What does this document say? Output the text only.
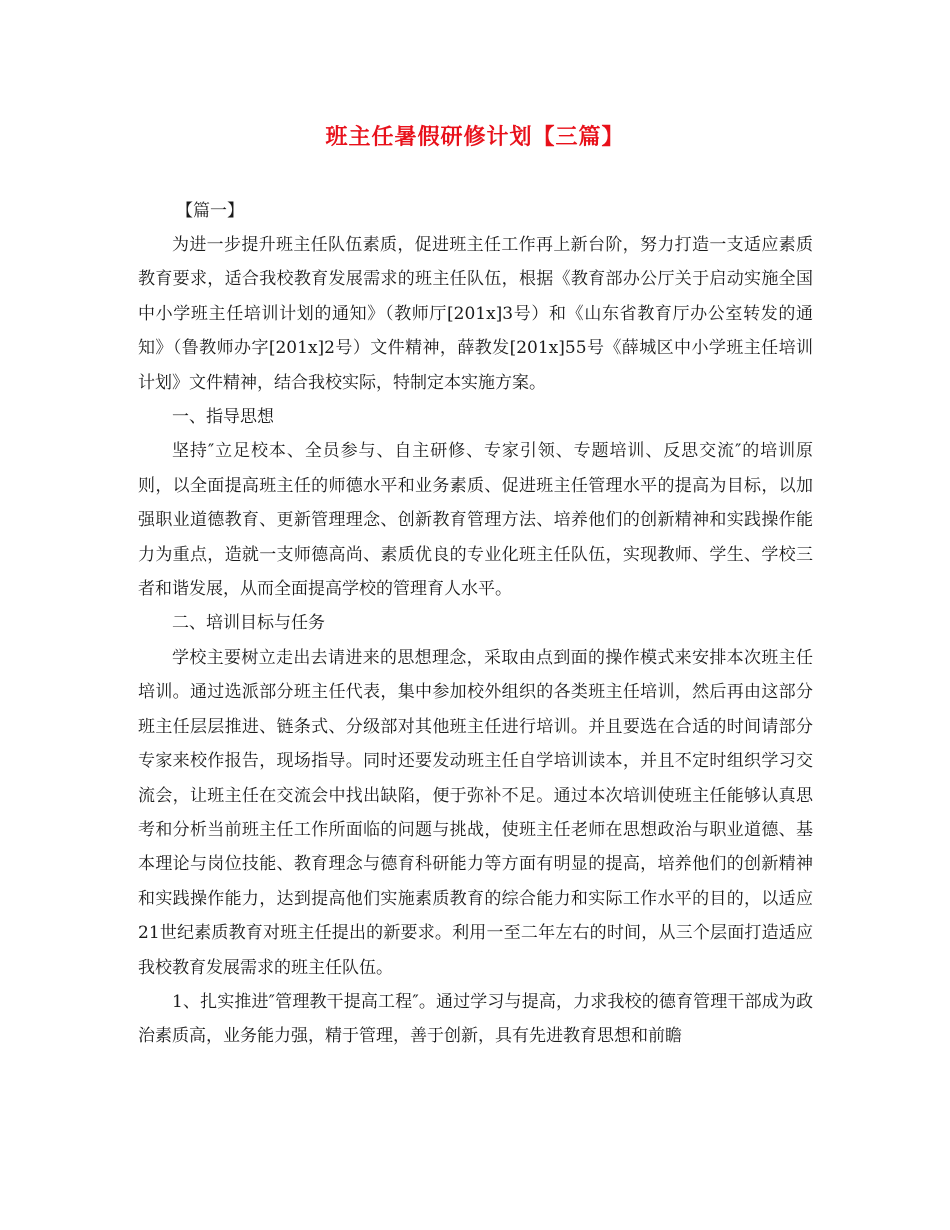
班主任暑假研修计划【三篇】
【篇一】

为进一步提升班主任队伍素质，促进班主任工作再上新台阶，努力打造一支适应素质教育要求，适合我校教育发展需求的班主任队伍，根据《教育部办公厅关于启动实施全国中小学班主任培训计划的通知》（教师厅[201x]3号）和《山东省教育厅办公室转发的通知》（鲁教师办字[201x]2号）文件精神，薛教发[201x]55号《薛城区中小学班主任培训计划》文件精神，结合我校实际，特制定本实施方案。

一、指导思想

坚持″立足校本、全员参与、自主研修、专家引领、专题培训、反思交流″的培训原则，以全面提高班主任的师德水平和业务素质、促进班主任管理水平的提高为目标，以加强职业道德教育、更新管理理念、创新教育管理方法、培养他们的创新精神和实践操作能力为重点，造就一支师德高尚、素质优良的专业化班主任队伍，实现教师、学生、学校三者和谐发展，从而全面提高学校的管理育人水平。

二、培训目标与任务

学校主要树立走出去请进来的思想理念，采取由点到面的操作模式来安排本次班主任培训。通过选派部分班主任代表，集中参加校外组织的各类班主任培训，然后再由这部分班主任层层推进、链条式、分级部对其他班主任进行培训。并且要选在合适的时间请部分专家来校作报告，现场指导。同时还要发动班主任自学培训读本，并且不定时组织学习交流会，让班主任在交流会中找出缺陷，便于弥补不足。通过本次培训使班主任能够认真思考和分析当前班主任工作所面临的问题与挑战，使班主任老师在思想政治与职业道德、基本理论与岗位技能、教育理念与德育科研能力等方面有明显的提高，培养他们的创新精神和实践操作能力，达到提高他们实施素质教育的综合能力和实际工作水平的目的，以适应21世纪素质教育对班主任提出的新要求。利用一至二年左右的时间，从三个层面打造适应我校教育发展需求的班主任队伍。

1、扎实推进″管理教干提高工程″。通过学习与提高，力求我校的德育管理干部成为政治素质高，业务能力强，精于管理，善于创新，具有先进教育思想和前瞻
